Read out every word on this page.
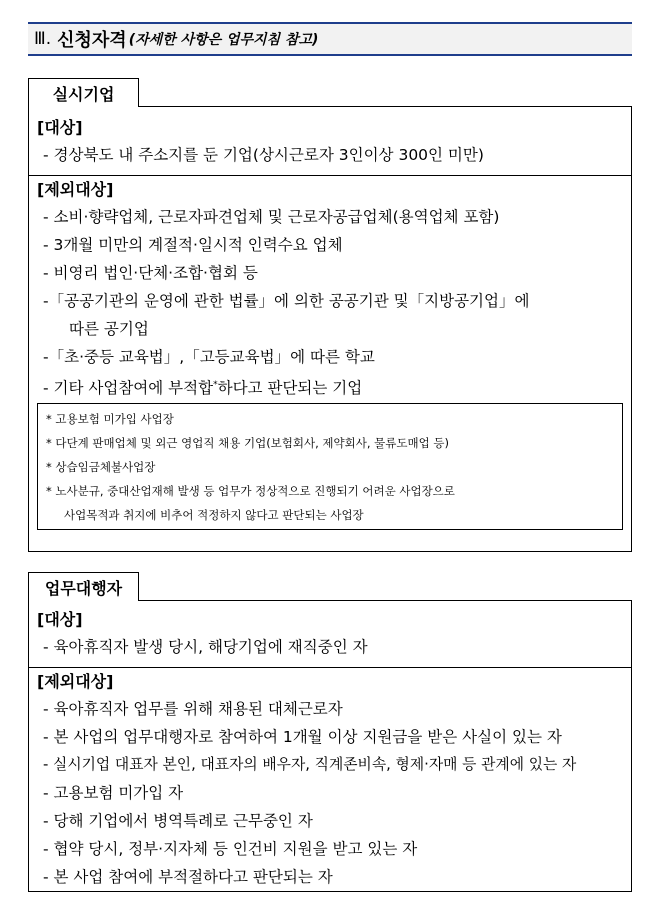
Ⅲ. 신청자격 (자세한 사항은 업무지침 참고)
실시기업
[대상]
- 경상북도 내 주소지를 둔 기업(상시근로자 3인이상 300인 미만)
[제외대상]
- 소비·향략업체, 근로자파견업체 및 근로자공급업체(용역업체 포함)
- 3개월 미만의 계절적·일시적 인력수요 업체
- 비영리 법인·단체·조합·협회 등
-「공공기관의 운영에 관한 법률」에 의한 공공기관 및「지방공기업」에
따른 공기업
-「초·중등 교육법」,「고등교육법」에 따른 학교
- 기타 사업참여에 부적합*하다고 판단되는 기업
* 고용보험 미가입 사업장
* 다단계 판매업체 및 외근 영업직 채용 기업(보험회사, 제약회사, 물류도매업 등)
* 상습임금체불사업장
* 노사분규, 중대산업재해 발생 등 업무가 정상적으로 진행되기 어려운 사업장으로
사업목적과 취지에 비추어 적정하지 않다고 판단되는 사업장
업무대행자
[대상]
- 육아휴직자 발생 당시, 해당기업에 재직중인 자
[제외대상]
- 육아휴직자 업무를 위해 채용된 대체근로자
- 본 사업의 업무대행자로 참여하여 1개월 이상 지원금을 받은 사실이 있는 자
- 실시기업 대표자 본인, 대표자의 배우자, 직계존비속, 형제·자매 등 관계에 있는 자
- 고용보험 미가입 자
- 당해 기업에서 병역특례로 근무중인 자
- 협약 당시, 정부·지자체 등 인건비 지원을 받고 있는 자
- 본 사업 참여에 부적절하다고 판단되는 자
